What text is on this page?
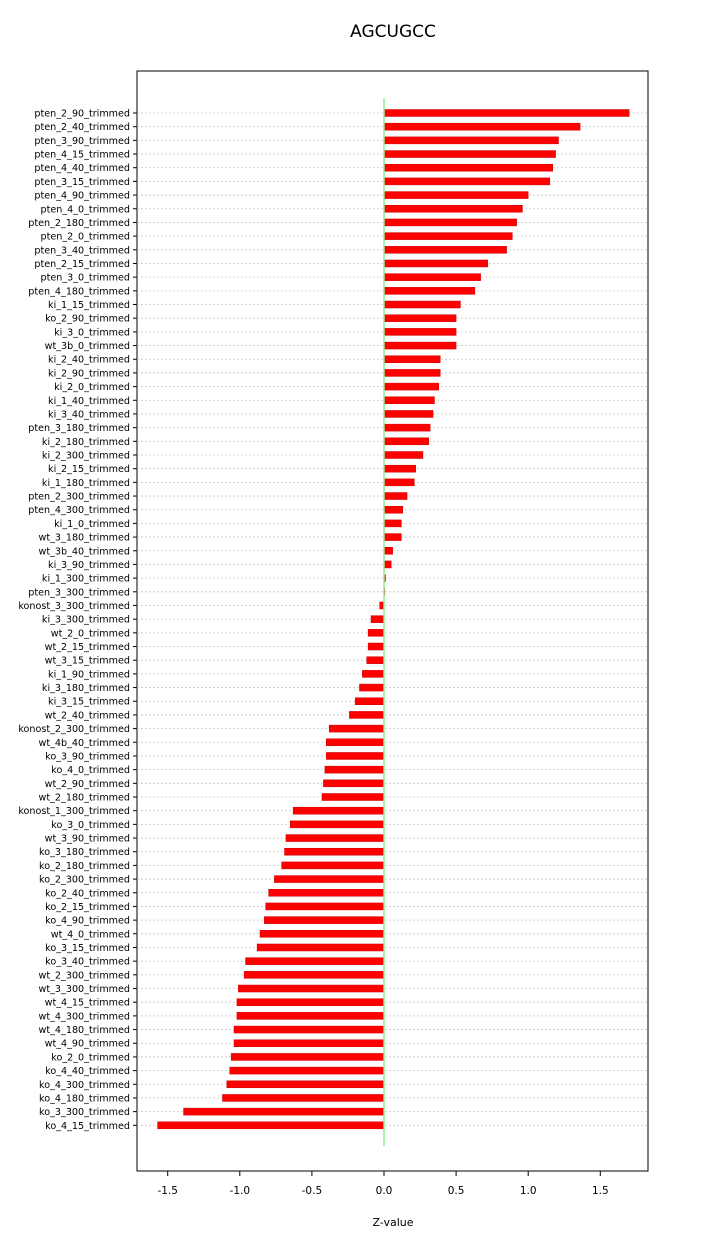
pten_2_90_trimmed
pten_2_40_trimmed
pten_3_90_trimmed
pten_4_15_trimmed
pten_4_40_trimmed
pten_3_15_trimmed
pten_4_90_trimmed
pten_4_0_trimmed
pten_2_180_trimmed
pten_2_0_trimmed
pten_3_40_trimmed
pten_2_15_trimmed
pten_3_0_trimmed
pten_4_180_trimmed
ki_1_15_trimmed
ko_2_90_trimmed
ki_3_0_trimmed
wt_3b_0_trimmed
ki_2_40_trimmed
ki_2_90_trimmed
ki_2_0_trimmed
ki_1_40_trimmed
ki_3_40_trimmed
pten_3_180_trimmed
ki_2_180_trimmed
ki_2_300_trimmed
ki_2_15_trimmed
ki_1_180_trimmed
pten_2_300_trimmed
pten_4_300_trimmed
ki_1_0_trimmed
wt_3_180_trimmed
wt_3b_40_trimmed
ki_3_90_trimmed
ki_1_300_trimmed
pten_3_300_trimmed
konost_3_300_trimmed
ki_3_300_trimmed
wt_2_0_trimmed
wt_2_15_trimmed
wt_3_15_trimmed
ki_1_90_trimmed
ki_3_180_trimmed
ki_3_15_trimmed
wt_2_40_trimmed
konost_2_300_trimmed
wt_4b_40_trimmed
ko_3_90_trimmed
ko_4_0_trimmed
wt_2_90_trimmed
wt_2_180_trimmed
konost_1_300_trimmed
ko_3_0_trimmed
wt_3_90_trimmed
ko_3_180_trimmed
ko_2_180_trimmed
ko_2_300_trimmed
ko_2_40_trimmed
ko_2_15_trimmed
ko_4_90_trimmed
wt_4_0_trimmed
ko_3_15_trimmed
ko_3_40_trimmed
wt_2_300_trimmed
wt_3_300_trimmed
wt_4_15_trimmed
wt_4_300_trimmed
wt_4_180_trimmed
wt_4_90_trimmed
ko_2_0_trimmed
ko_4_40_trimmed
ko_4_300_trimmed
ko_4_180_trimmed
ko_3_300_trimmed
ko_4_15_trimmed
-1.5	-1.0	-0.5	0.0	0.5	1.0	1.5
AGCUGCC
Z-value
